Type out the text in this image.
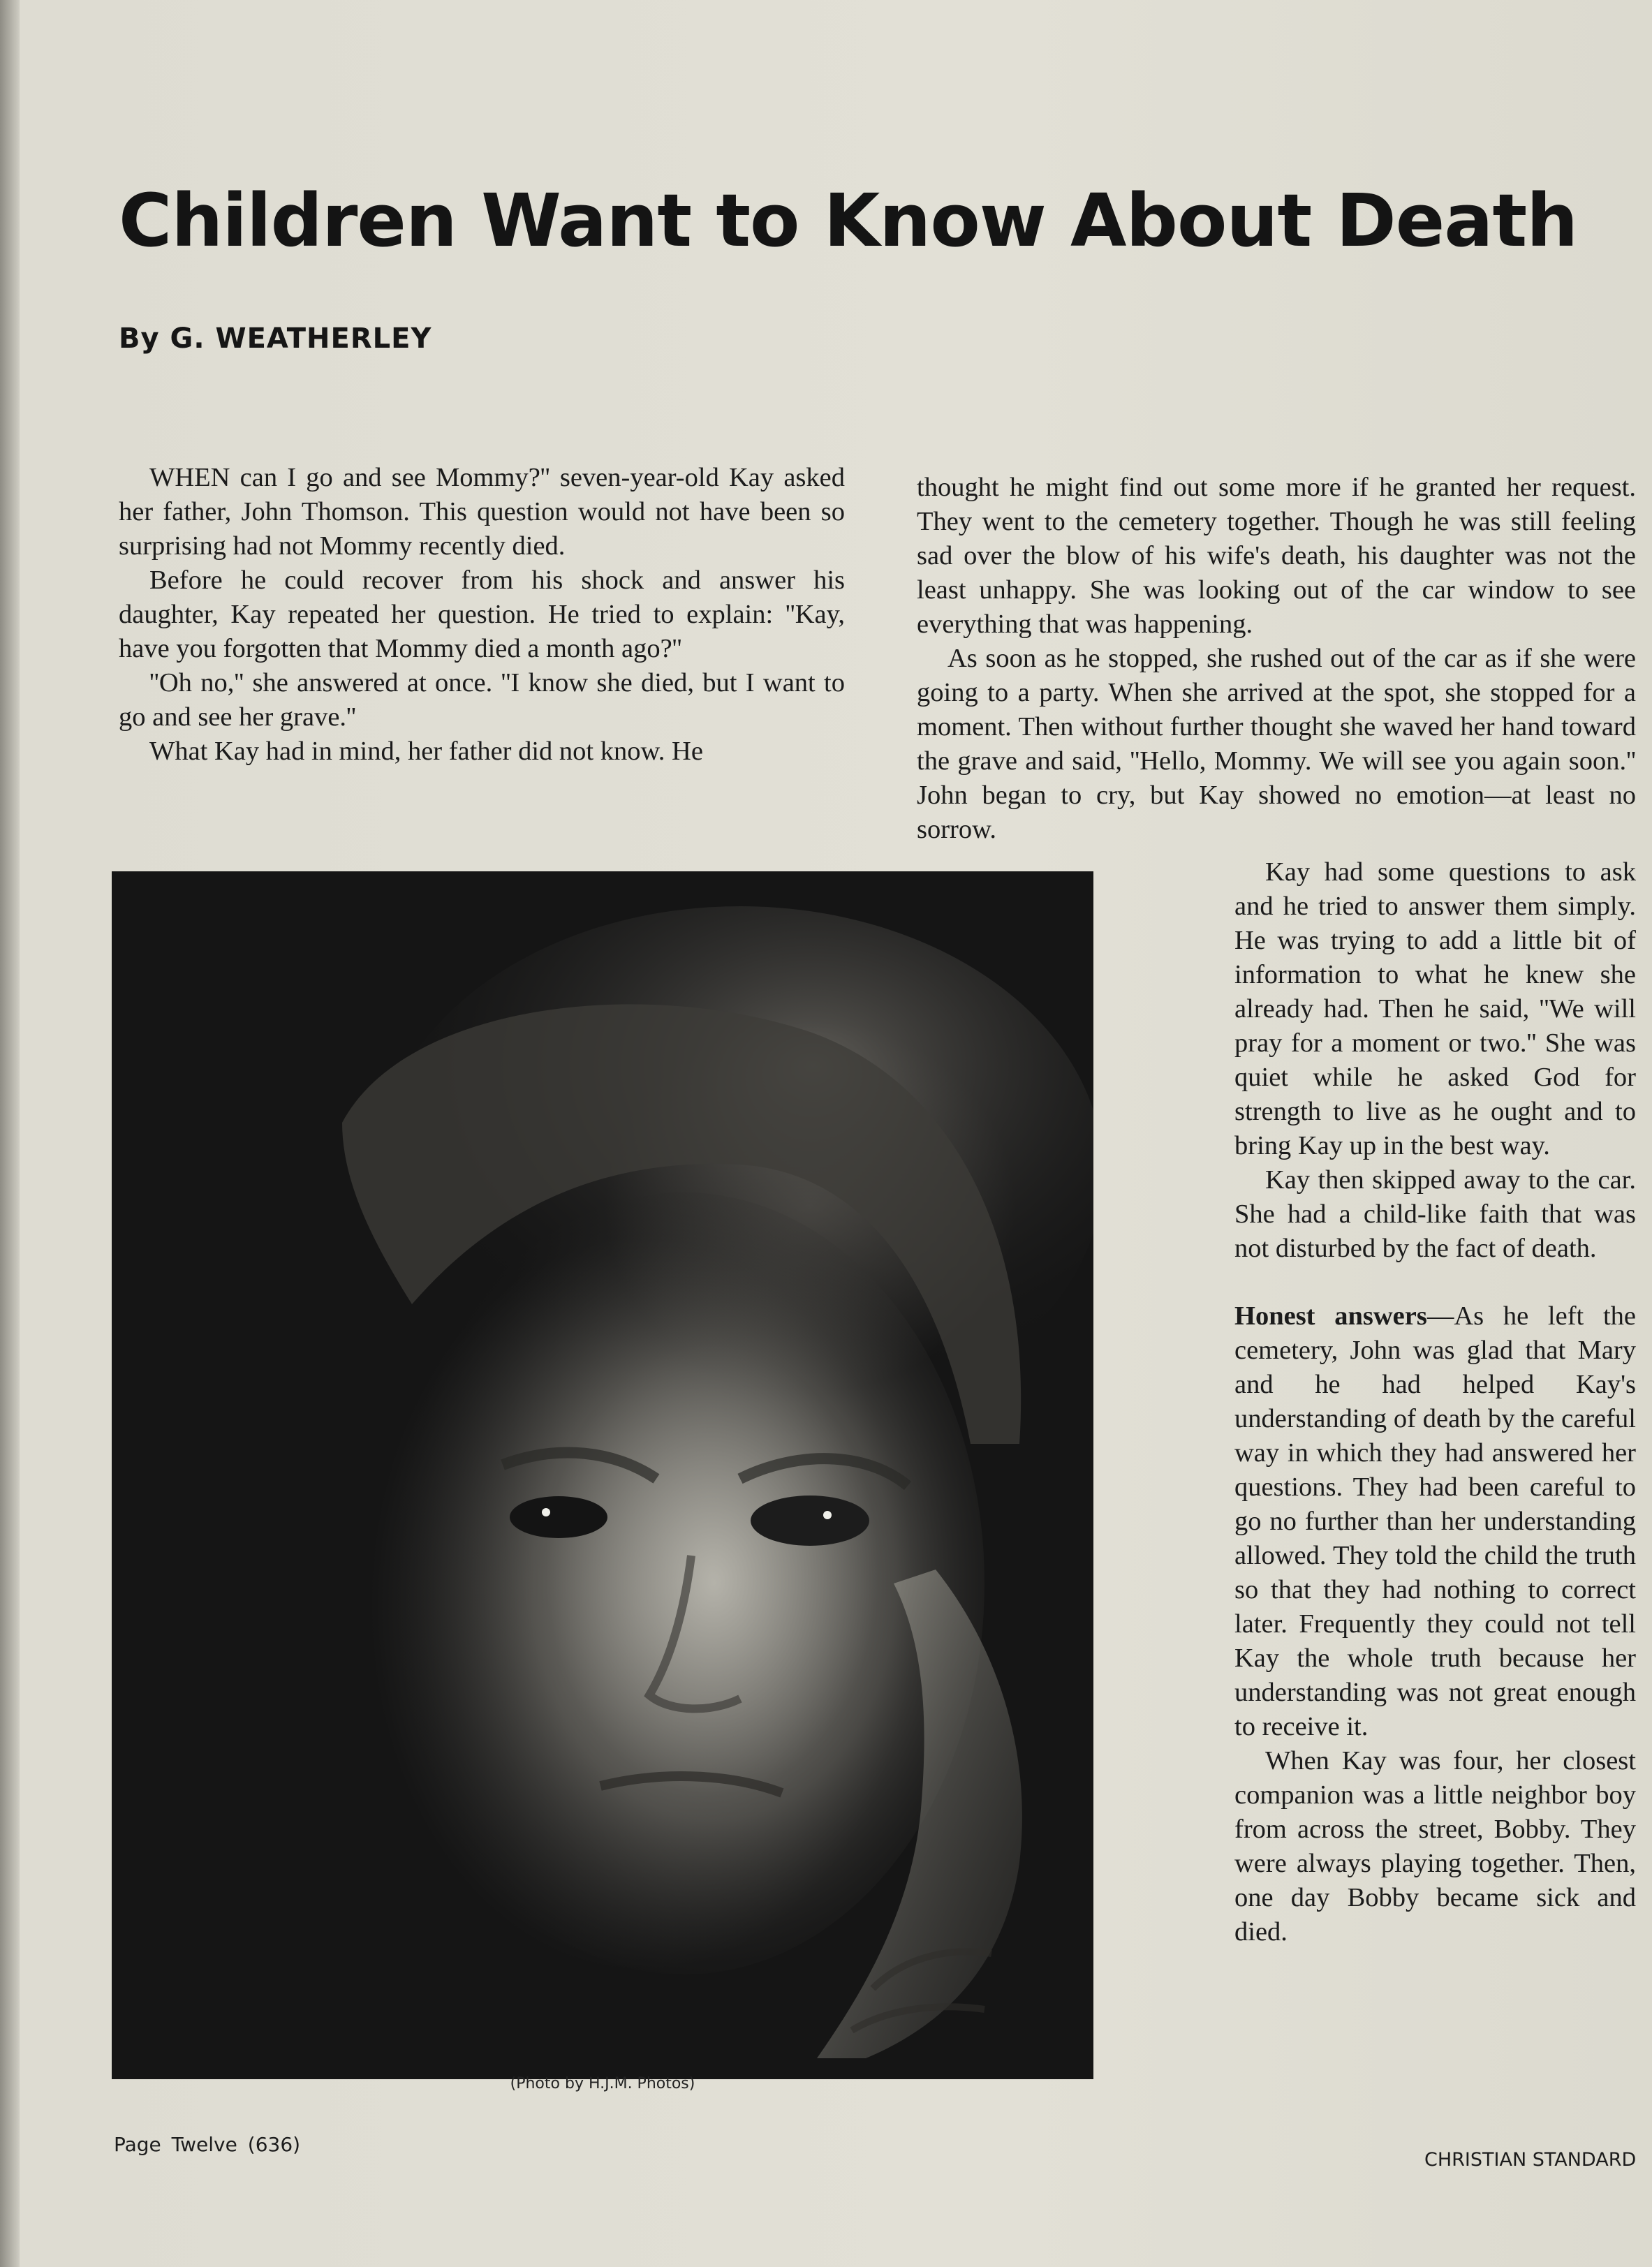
Children Want to Know About Death
By G. WEATHERLEY

WHEN can I go and see Mommy?'' seven-year-old Kay asked her father, John Thomson. This question would not have been so surprising had not Mommy recently died.

Before he could recover from his shock and answer his daughter, Kay repeated her question. He tried to explain: ''Kay, have you forgotten that Mommy died a month ago?''

''Oh no,'' she answered at once. ''I know she died, but I want to go and see her grave.''

What Kay had in mind, her father did not know. He

thought he might find out some more if he granted her request. They went to the cemetery together. Though he was still feeling sad over the blow of his wife's death, his daughter was not the least unhappy. She was looking out of the car window to see everything that was happening.

As soon as he stopped, she rushed out of the car as if she were going to a party. When she arrived at the spot, she stopped for a moment. Then without further thought she waved her hand toward the grave and said, ''Hello, Mommy. We will see you again soon.'' John began to cry, but Kay showed no emotion—at least no sorrow.

(Photo by H.J.M. Photos)

Kay had some questions to ask and he tried to answer them simply. He was trying to add a little bit of information to what he knew she already had. Then he said, ''We will pray for a moment or two.'' She was quiet while he asked God for strength to live as he ought and to bring Kay up in the best way.

Kay then skipped away to the car. She had a child-like faith that was not disturbed by the fact of death.

Honest answers—As he left the cemetery, John was glad that Mary and he had helped Kay's understanding of death by the careful way in which they had answered her questions. They had been careful to go no further than her understanding allowed. They told the child the truth so that they had nothing to correct later. Frequently they could not tell Kay the whole truth because her understanding was not great enough to receive it.

When Kay was four, her closest companion was a little neighbor boy from across the street, Bobby. They were always playing together. Then, one day Bobby became sick and died.

Page Twelve (636)
CHRISTIAN STANDARD
